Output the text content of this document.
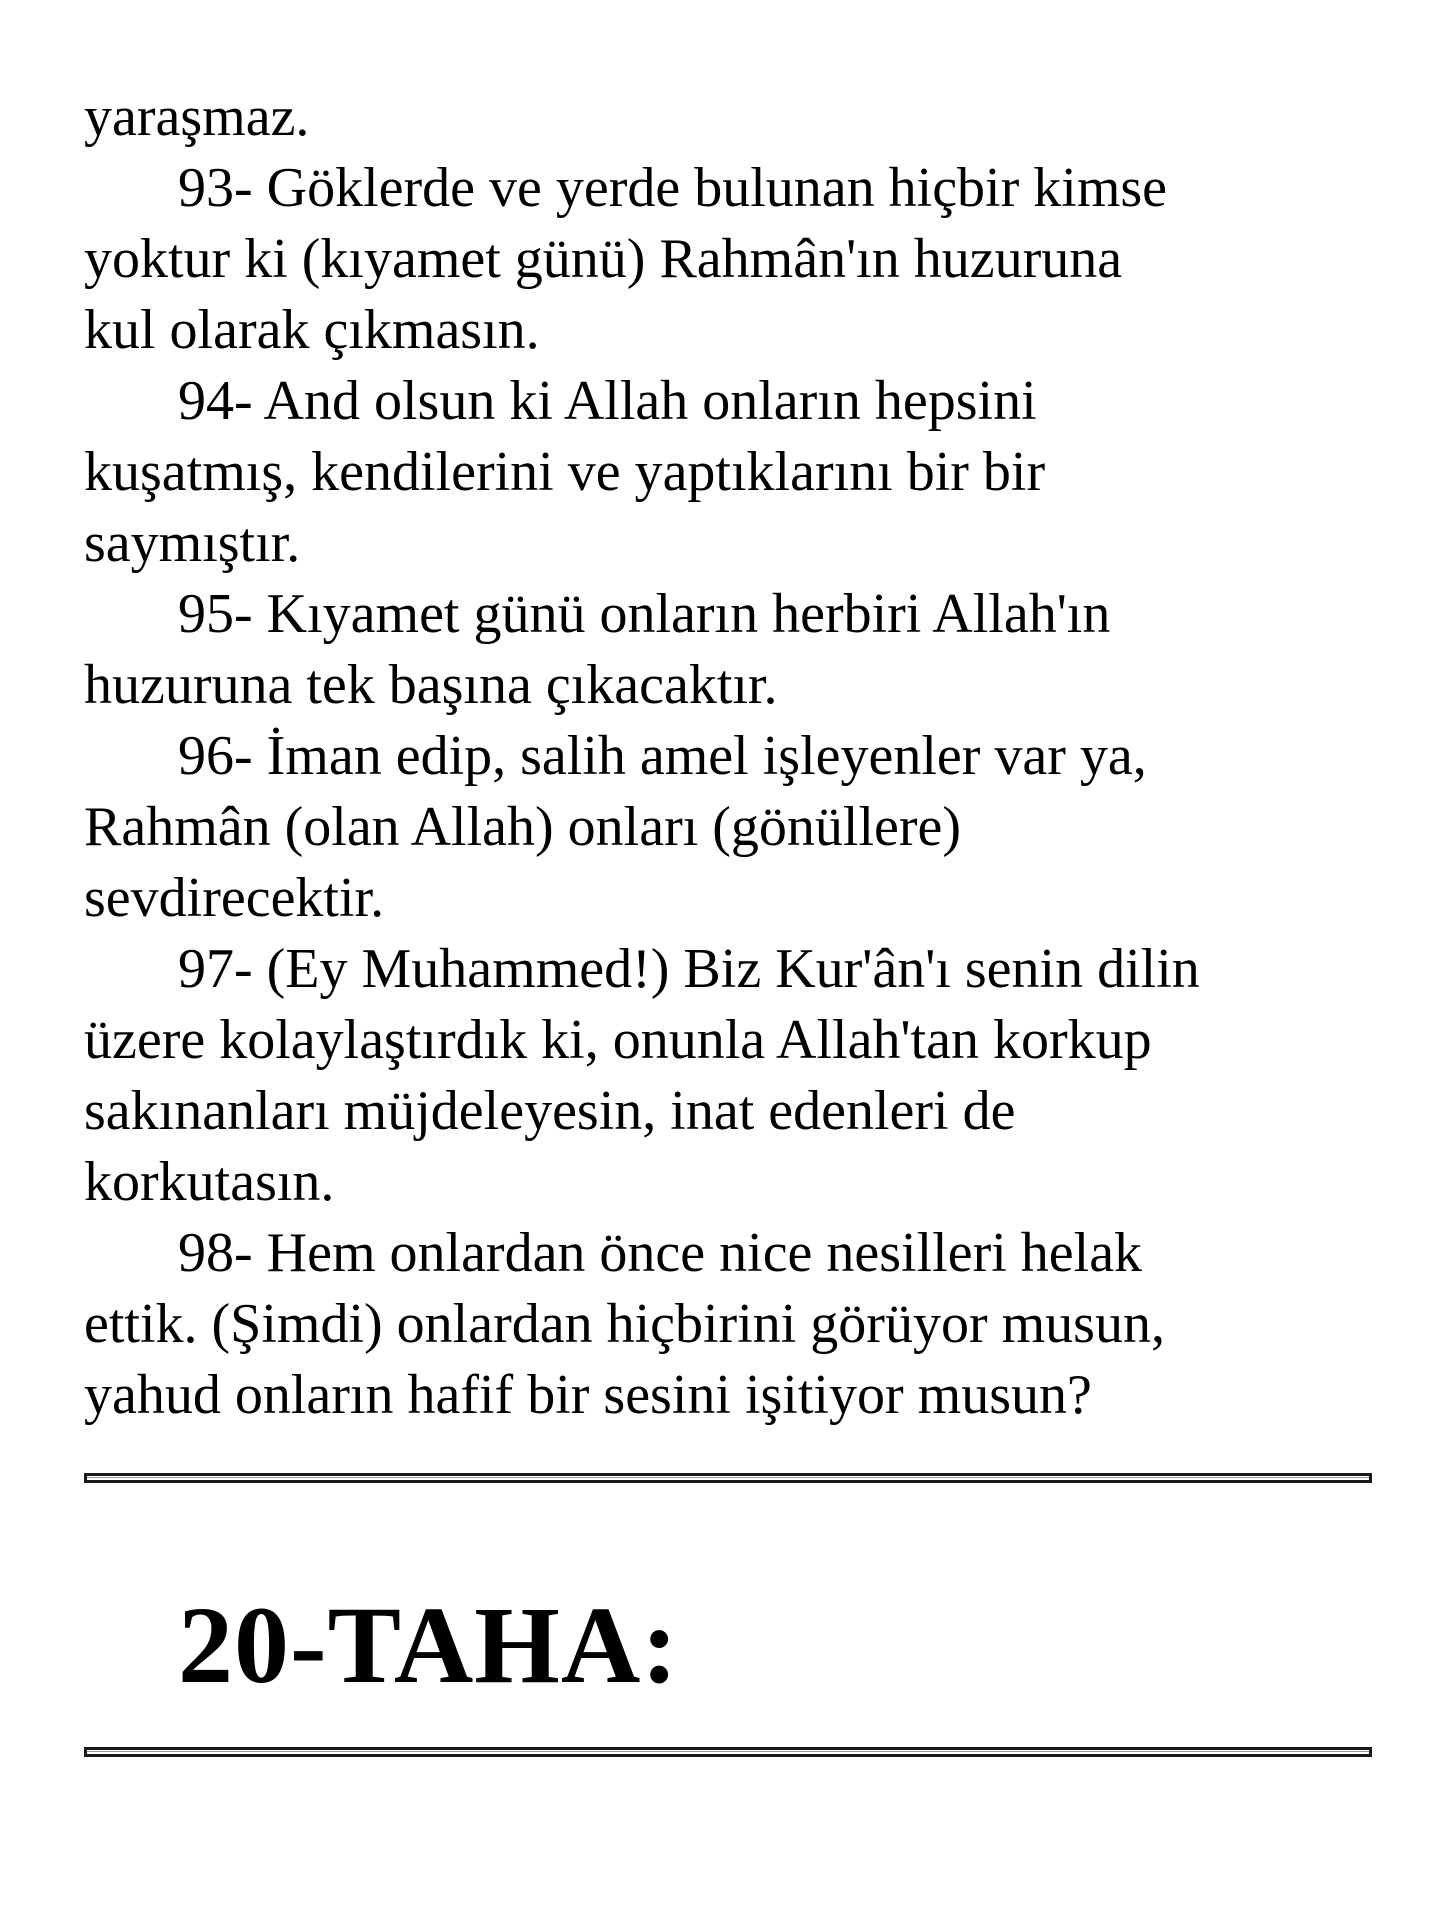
yaraşmaz.

93- Göklerde ve yerde bulunan hiçbir kimse

yoktur ki (kıyamet günü) Rahmân'ın huzuruna

kul olarak çıkmasın.

94- And olsun ki Allah onların hepsini

kuşatmış, kendilerini ve yaptıklarını bir bir

saymıştır.

95- Kıyamet günü onların herbiri Allah'ın

huzuruna tek başına çıkacaktır.

96- İman edip, salih amel işleyenler var ya,

Rahmân (olan Allah) onları (gönüllere)

sevdirecektir.

97- (Ey Muhammed!) Biz Kur'ân'ı senin dilin

üzere kolaylaştırdık ki, onunla Allah'tan korkup

sakınanları müjdeleyesin, inat edenleri de

korkutasın.

98- Hem onlardan önce nice nesilleri helak

ettik. (Şimdi) onlardan hiçbirini görüyor musun,

yahud onların hafif bir sesini işitiyor musun?

20-TAHA:
